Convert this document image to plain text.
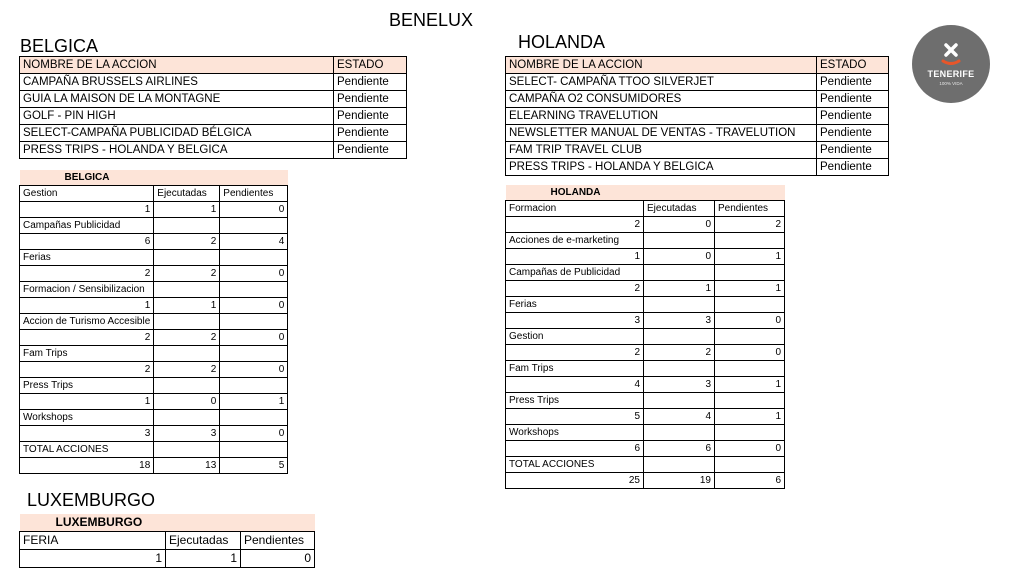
BENELUX
BELGICA	HOLANDA
LUXEMBURGO
TENERIFE
100% VIDA
NOMBRE DE LA ACCION	ESTADO
CAMPAÑA BRUSSELS AIRLINES	Pendiente
GUIA LA MAISON DE LA MONTAGNE	Pendiente
GOLF - PIN HIGH	Pendiente
SELECT-CAMPAÑA PUBLICIDAD BÉLGICA	Pendiente
PRESS TRIPS - HOLANDA Y BELGICA	Pendiente
NOMBRE DE LA ACCION	ESTADO
SELECT- CAMPAÑA TTOO SILVERJET	Pendiente
CAMPAÑA O2 CONSUMIDORES	Pendiente
ELEARNING TRAVELUTION	Pendiente
NEWSLETTER MANUAL DE VENTAS - TRAVELUTION	Pendiente
FAM TRIP TRAVEL CLUB	Pendiente
PRESS TRIPS - HOLANDA Y BELGICA	Pendiente
BELGICA		
Gestion	Ejecutadas	Pendientes
1	1	0
Campañas Publicidad		
6	2	4
Ferias		
2	2	0
Formacion / Sensibilizacion		
1	1	0
Accion de Turismo Accesible		
2	2	0
Fam Trips		
2	2	0
Press Trips		
1	0	1
Workshops		
3	3	0
TOTAL ACCIONES		
18	13	5
HOLANDA		
Formacion	Ejecutadas	Pendientes
2	0	2
Acciones de e-marketing		
1	0	1
Campañas de Publicidad		
2	1	1
Ferias		
3	3	0
Gestion		
2	2	0
Fam Trips		
4	3	1
Press Trips		
5	4	1
Workshops		
6	6	0
TOTAL ACCIONES		
25	19	6
LUXEMBURGO		
FERIA	Ejecutadas	Pendientes
1	1	0
